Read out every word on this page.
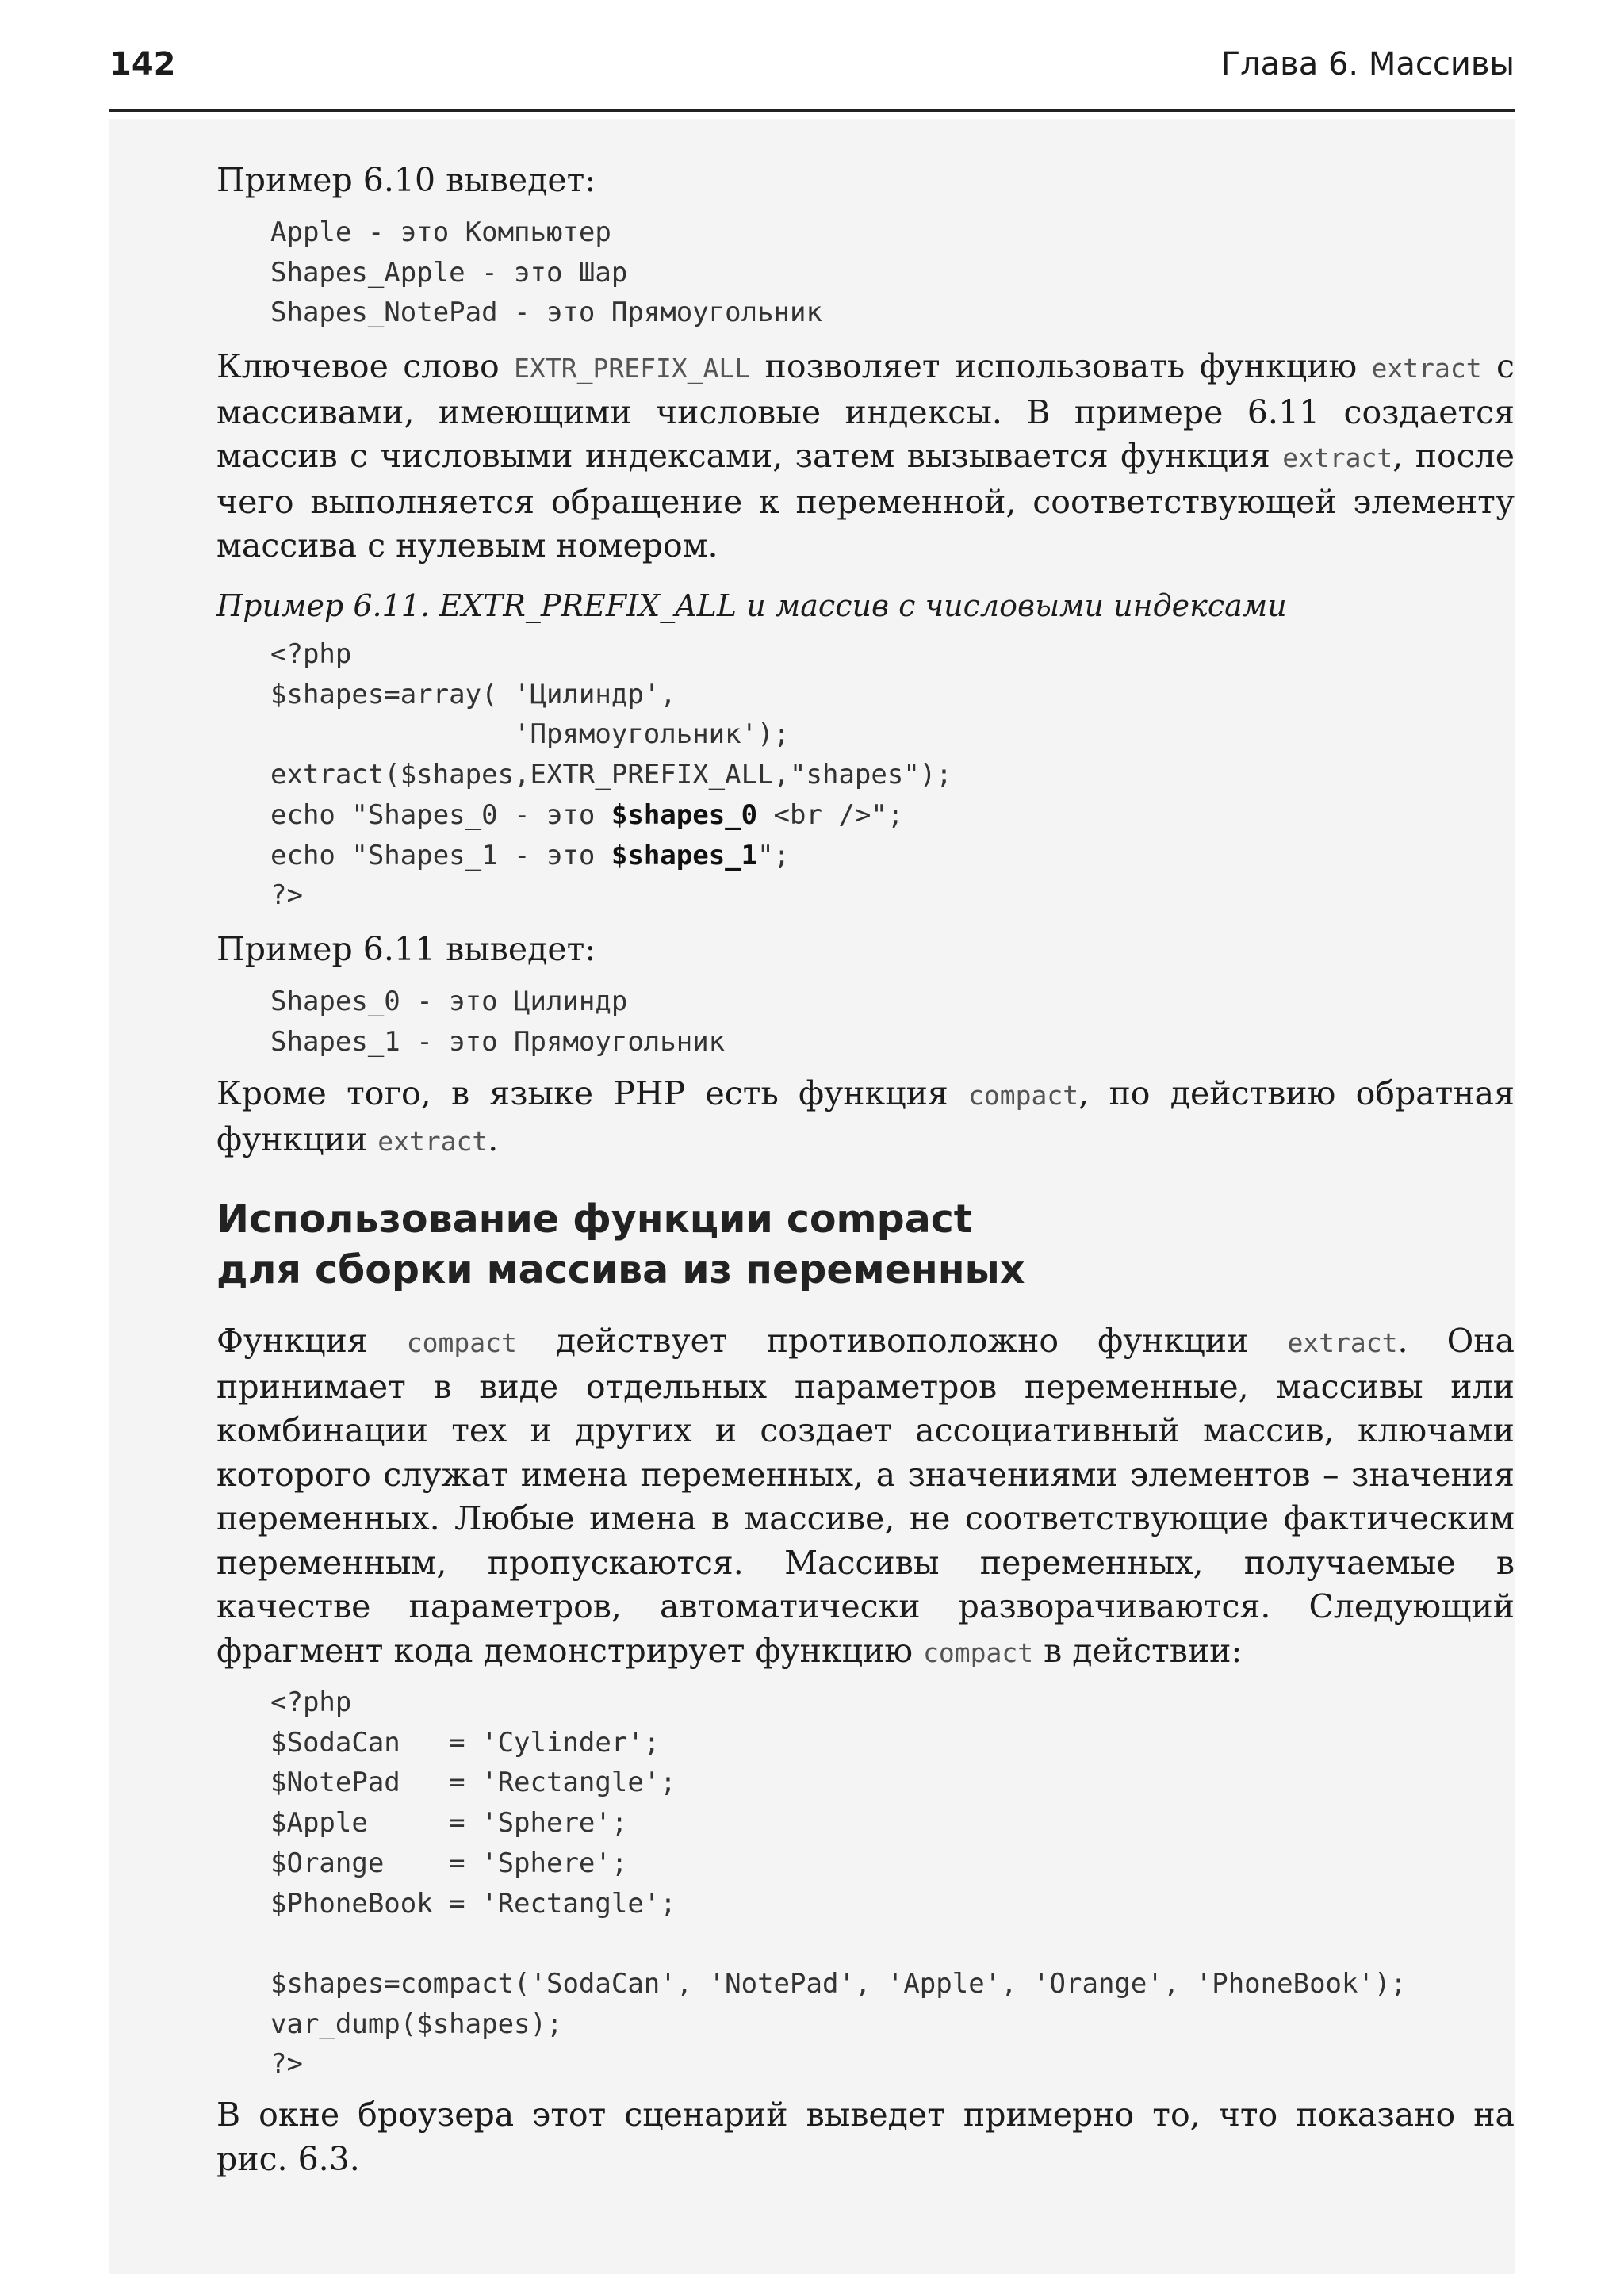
142	Глава 6. Массивы
Пример 6.10 выведет:
Apple - это Компьютер
Shapes_Apple - это Шар
Shapes_NotePad - это Прямоугольник
Ключевое слово EXTR_PREFIX_ALL позволяет использовать функцию extract с массивами, имеющими числовые индексы. В примере 6.11 создается массив с числовыми индексами, затем вызывается функция extract, после чего выполняется обращение к переменной, соответствующей элементу массива с нулевым номером.
Пример 6.11. EXTR_PREFIX_ALL и массив с числовыми индексами
<?php
$shapes=array( 'Цилиндр',
'Прямоугольник');
extract($shapes,EXTR_PREFIX_ALL,"shapes");
echo "Shapes_0 - это $shapes_0 <br />";
echo "Shapes_1 - это $shapes_1";
?>
Пример 6.11 выведет:
Shapes_0 - это Цилиндр
Shapes_1 - это Прямоугольник
Кроме того, в языке PHP есть функция compact, по действию обратная функции extract.
Использование функции compact
для сборки массива из переменных
Функция compact действует противоположно функции extract. Она принимает в виде отдельных параметров переменные, массивы или комбинации тех и других и создает ассоциативный массив, ключами которого служат имена переменных, а значениями элементов – значения переменных. Любые имена в массиве, не соответствующие фактическим переменным, пропускаются. Массивы переменных, получаемые в качестве параметров, автоматически разворачиваются. Следующий фрагмент кода демонстрирует функцию compact в действии:
<?php
$SodaCan   = 'Cylinder';
$NotePad   = 'Rectangle';
$Apple     = 'Sphere';
$Orange    = 'Sphere';
$PhoneBook = 'Rectangle';

$shapes=compact('SodaCan', 'NotePad', 'Apple', 'Orange', 'PhoneBook');
var_dump($shapes);
?>
В окне броузера этот сценарий выведет примерно то, что показано на рис. 6.3.
